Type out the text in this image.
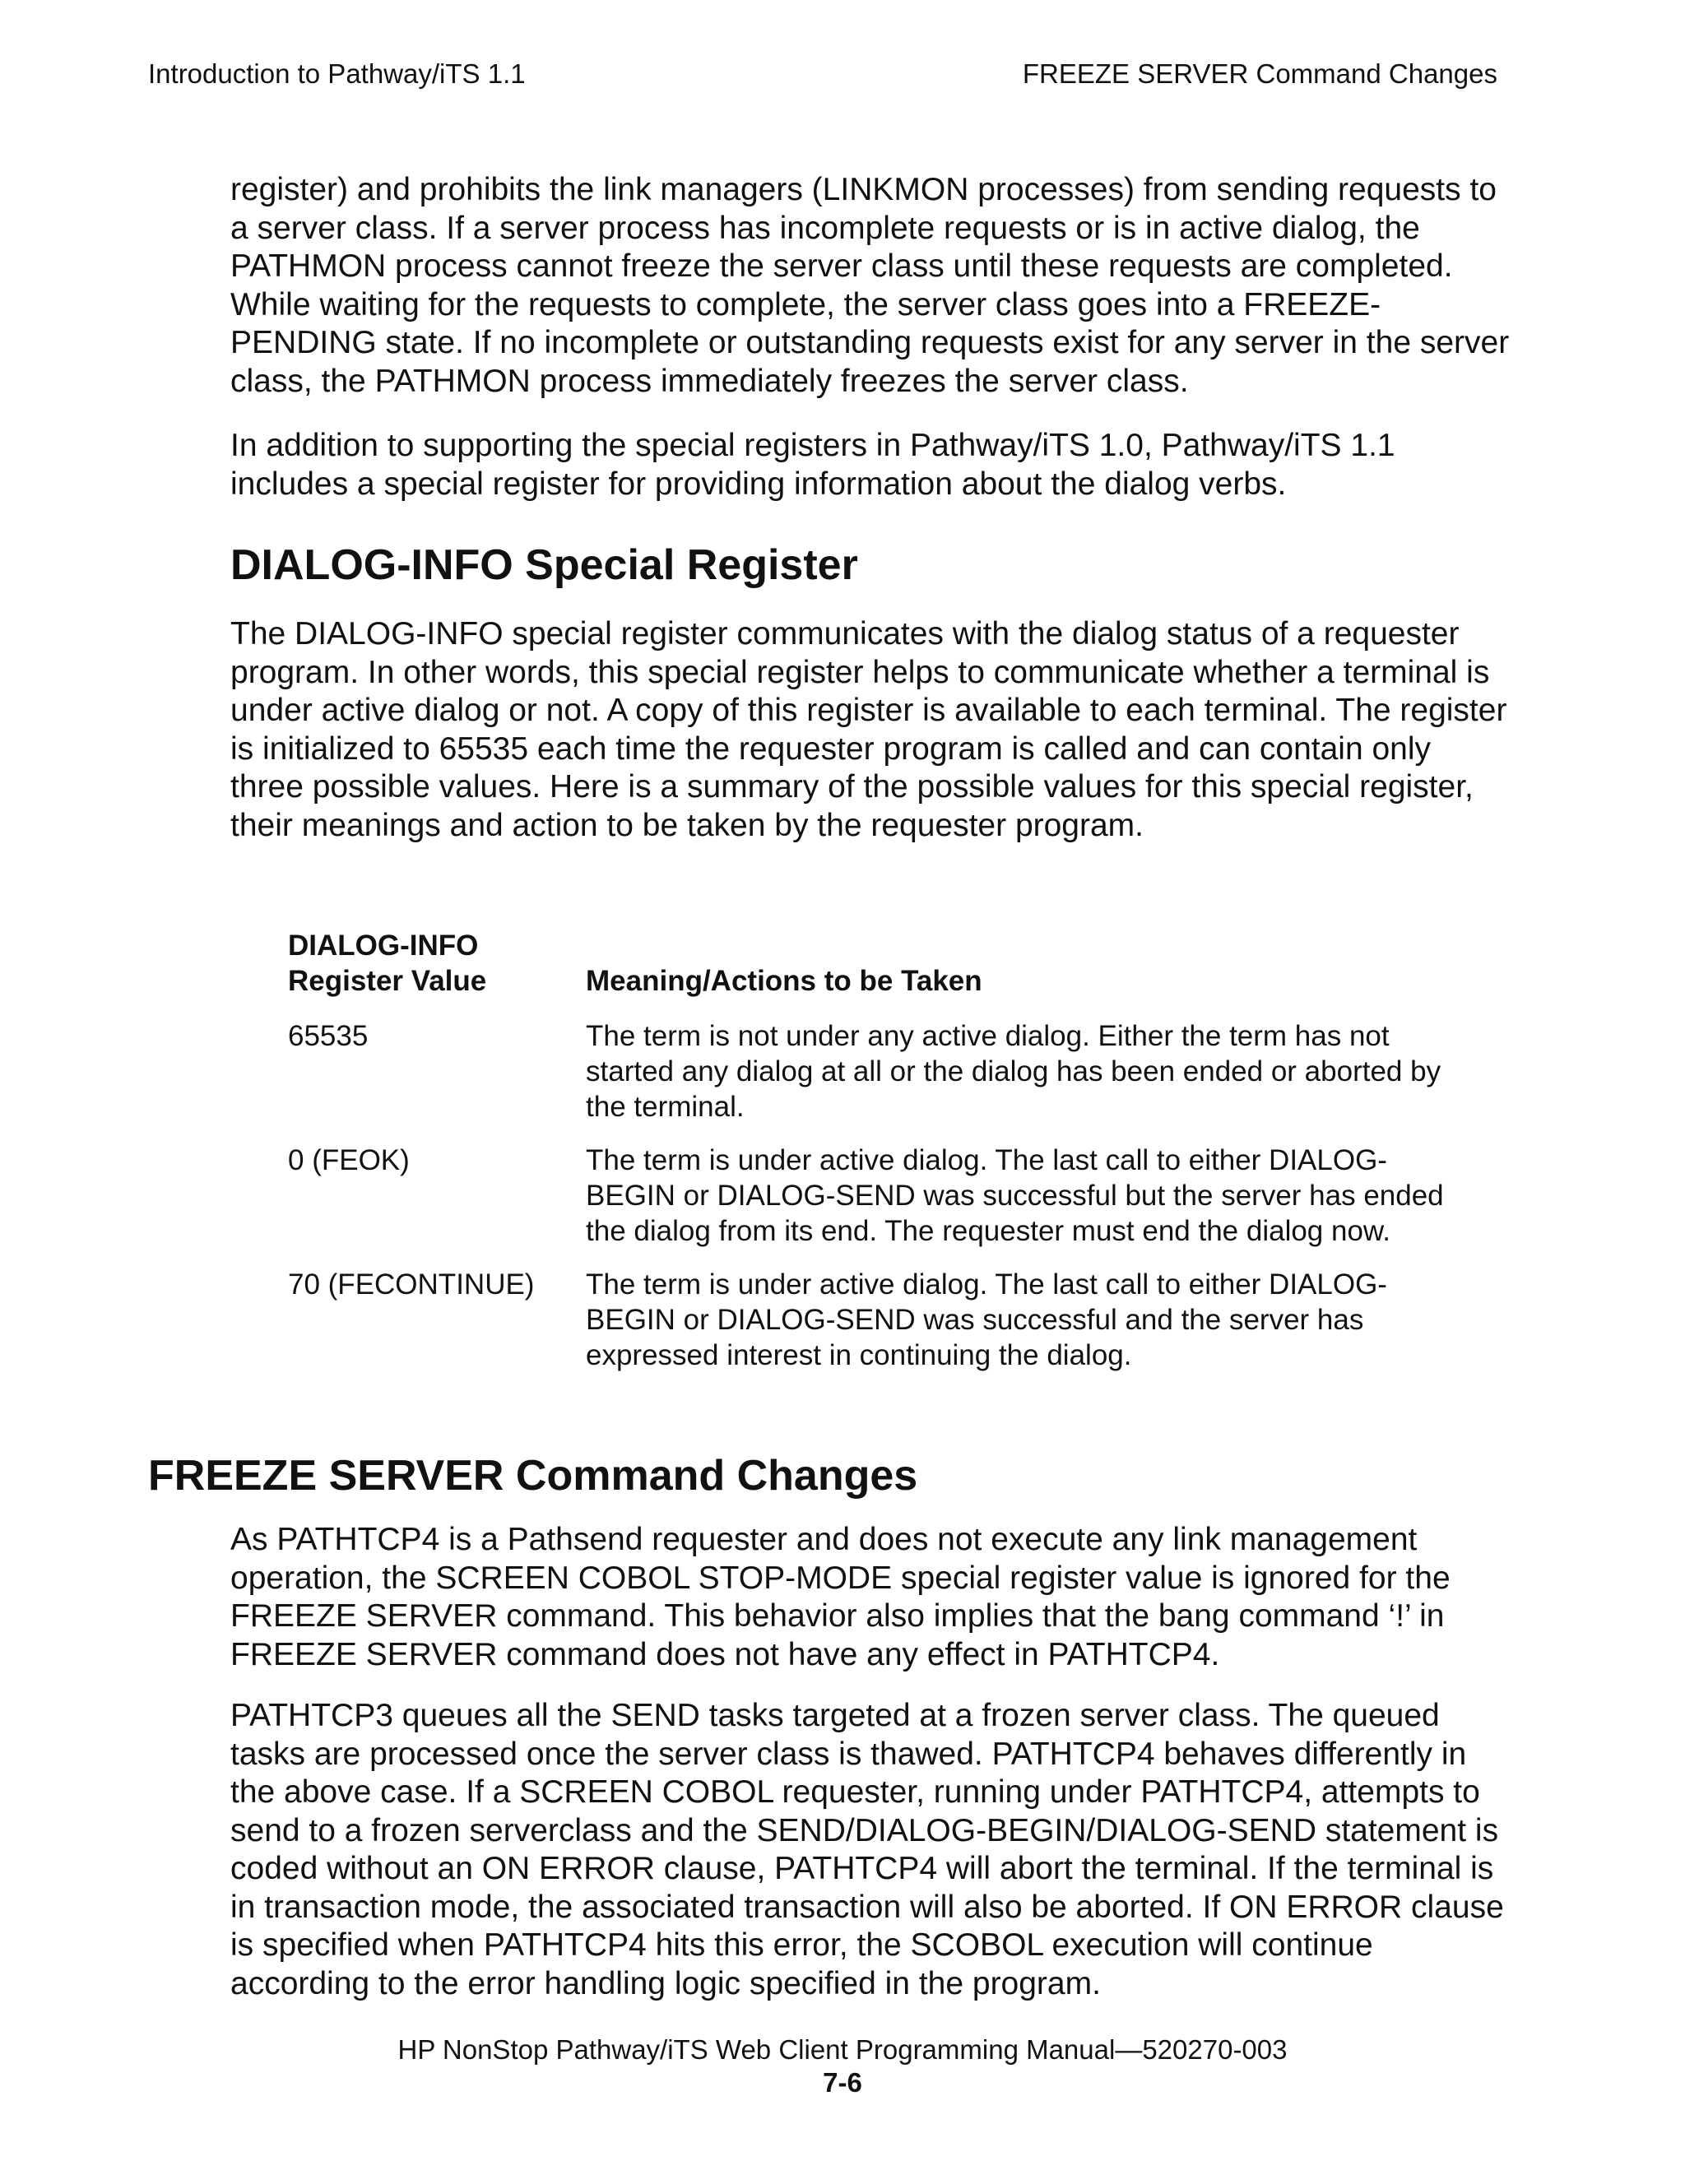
Introduction to Pathway/iTS 1.1	FREEZE SERVER Command Changes

register) and prohibits the link managers (LINKMON processes) from sending requests to a server class. If a server process has incomplete requests or is in active dialog, the PATHMON process cannot freeze the server class until these requests are completed. While waiting for the requests to complete, the server class goes into a FREEZE-PENDING state. If no incomplete or outstanding requests exist for any server in the server class, the PATHMON process immediately freezes the server class.

In addition to supporting the special registers in Pathway/iTS 1.0, Pathway/iTS 1.1 includes a special register for providing information about the dialog verbs.

DIALOG-INFO Special Register

The DIALOG-INFO special register communicates with the dialog status of a requester program. In other words, this special register helps to communicate whether a terminal is under active dialog or not. A copy of this register is available to each terminal. The register is initialized to 65535 each time the requester program is called and can contain only three possible values. Here is a summary of the possible values for this special register, their meanings and action to be taken by the requester program.

DIALOG-INFO
Register Value	Meaning/Actions to be Taken
65535	The term is not under any active dialog. Either the term has not started any dialog at all or the dialog has been ended or aborted by the terminal.
0 (FEOK)	The term is under active dialog. The last call to either DIALOG-BEGIN or DIALOG-SEND was successful but the server has ended the dialog from its end. The requester must end the dialog now.
70 (FECONTINUE)	The term is under active dialog. The last call to either DIALOG-BEGIN or DIALOG-SEND was successful and the server has expressed interest in continuing the dialog.
FREEZE SERVER Command Changes

As PATHTCP4 is a Pathsend requester and does not execute any link management operation, the SCREEN COBOL STOP-MODE special register value is ignored for the FREEZE SERVER command. This behavior also implies that the bang command ‘!’ in FREEZE SERVER command does not have any effect in PATHTCP4.

PATHTCP3 queues all the SEND tasks targeted at a frozen server class. The queued tasks are processed once the server class is thawed. PATHTCP4 behaves differently in the above case. If a SCREEN COBOL requester, running under PATHTCP4, attempts to send to a frozen serverclass and the SEND/DIALOG-BEGIN/DIALOG-SEND statement is coded without an ON ERROR clause, PATHTCP4 will abort the terminal. If the terminal is in transaction mode, the associated transaction will also be aborted. If ON ERROR clause is specified when PATHTCP4 hits this error, the SCOBOL execution will continue according to the error handling logic specified in the program.

HP NonStop Pathway/iTS Web Client Programming Manual—520270-003
7-6
